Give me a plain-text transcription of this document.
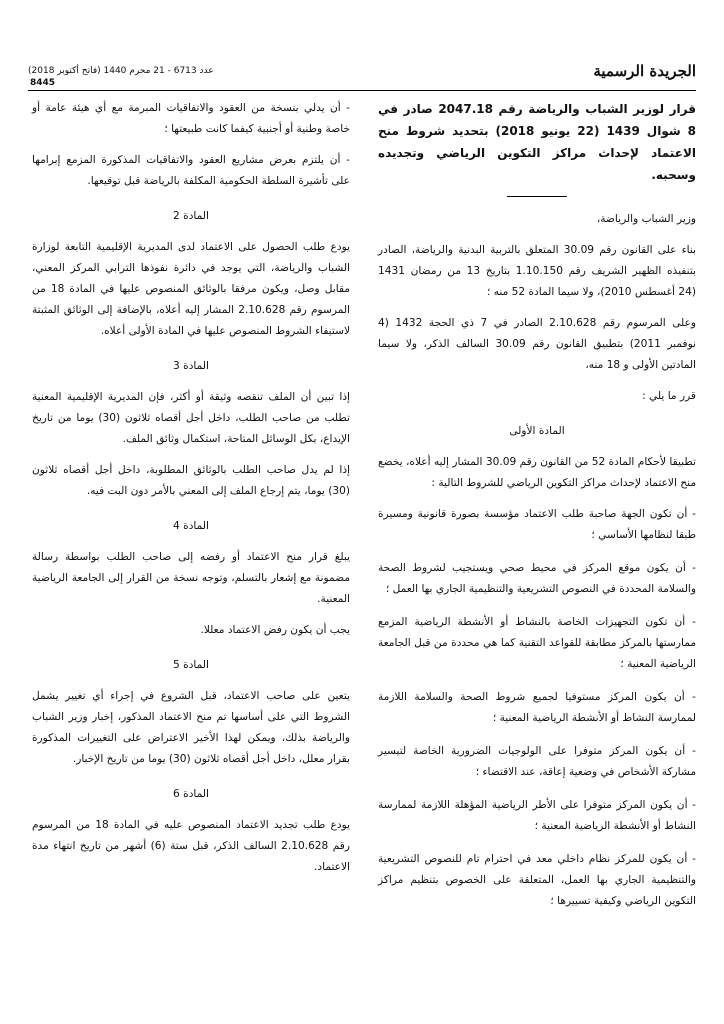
الجريدة الرسمية
عدد 6713 - 21 محرم 1440 (فاتح أكتوبر 2018)
8445

قرار لوزير الشباب والرياضة رقم 2047.18 صادر في 8 شوال 1439 (22 يونيو 2018) بتحديد شروط منح الاعتماد لإحداث مراكز التكوين الرياضي وتجديده وسحبه.

وزير الشباب والرياضة،

بناء على القانون رقم 30.09 المتعلق بالتربية البدنية والرياضة، الصادر بتنفيذه الظهير الشريف رقم 1.10.150 بتاريخ 13 من رمضان 1431 (24 أغسطس 2010)، ولا سيما المادة 52 منه ؛

وعلى المرسوم رقم 2.10.628 الصادر في 7 ذي الحجة 1432 (4 نوفمبر 2011) بتطبيق القانون رقم 30.09 السالف الذكر، ولا سيما المادتين الأولى و 18 منه،

قرر ما يلي :

المادة الأولى

تطبيقا لأحكام المادة 52 من القانون رقم 30.09 المشار إليه أعلاه، يخضع منح الاعتماد لإحداث مراكز التكوين الرياضي للشروط التالية :

- أن تكون الجهة صاحبة طلب الاعتماد مؤسسة بصورة قانونية ومسيرة طبقا لنظامها الأساسي ؛

- أن يكون موقع المركز في محيط صحي ويستجيب لشروط الصحة والسلامة المحددة في النصوص التشريعية والتنظيمية الجاري بها العمل ؛

- أن تكون التجهيزات الخاصة بالنشاط أو الأنشطة الرياضية المزمع ممارستها بالمركز مطابقة للقواعد التقنية كما هي محددة من قبل الجامعة الرياضية المعنية ؛

- أن يكون المركز مستوفيا لجميع شروط الصحة والسلامة اللازمة لممارسة النشاط أو الأنشطة الرياضية المعنية ؛

- أن يكون المركز متوفرا على الولوجيات الضرورية الخاصة لتيسير مشاركة الأشخاص في وضعية إعاقة، عند الاقتضاء ؛

- أن يكون المركز متوفرا على الأطر الرياضية المؤهلة اللازمة لممارسة النشاط أو الأنشطة الرياضية المعنية ؛

- أن يكون للمركز نظام داخلي معد في احترام تام للنصوص التشريعية والتنظيمية الجاري بها العمل، المتعلقة على الخصوص بتنظيم مراكز التكوين الرياضي وكيفية تسييرها ؛

- أن يدلي بنسخة من العقود والاتفاقيات المبرمة مع أي هيئة عامة أو خاصة وطنية أو أجنبية كيفما كانت طبيعتها ؛

- أن يلتزم بعرض مشاريع العقود والاتفاقيات المذكورة المزمع إبرامها على تأشيرة السلطة الحكومية المكلفة بالرياضة قبل توقيعها.

المادة 2

يودع طلب الحصول على الاعتماد لدى المديرية الإقليمية التابعة لوزارة الشباب والرياضة، التي يوجد في دائرة نفوذها الترابي المركز المعني، مقابل وصل، ويكون مرفقا بالوثائق المنصوص عليها في المادة 18 من المرسوم رقم 2.10.628 المشار إليه أعلاه، بالإضافة إلى الوثائق المثبتة لاستيفاء الشروط المنصوص عليها في المادة الأولى أعلاه.

المادة 3

إذا تبين أن الملف تنقصه وثيقة أو أكثر، فإن المديرية الإقليمية المعنية تطلب من صاحب الطلب، داخل أجل أقصاه ثلاثون (30) يوما من تاريخ الإيداع، بكل الوسائل المتاحة، استكمال وثائق الملف.

إذا لم يدل صاحب الطلب بالوثائق المطلوبة، داخل أجل أقصاه ثلاثون (30) يوما، يتم إرجاع الملف إلى المعني بالأمر دون البت فيه.

المادة 4

يبلغ قرار منح الاعتماد أو رفضه إلى صاحب الطلب بواسطة رسالة مضمونة مع إشعار بالتسلم، وتوجه نسخة من القرار إلى الجامعة الرياضية المعنية.

يجب أن يكون رفض الاعتماد معللا.

المادة 5

يتعين على صاحب الاعتماد، قبل الشروع في إجراء أي تغيير يشمل الشروط التي على أساسها تم منح الاعتماد المذكور، إخبار وزير الشباب والرياضة بذلك، ويمكن لهذا الأخير الاعتراض على التغييرات المذكورة بقرار معلل، داخل أجل أقصاه ثلاثون (30) يوما من تاريخ الإخبار.

المادة 6

يودع طلب تجديد الاعتماد المنصوص عليه في المادة 18 من المرسوم رقم 2.10.628 السالف الذكر، قبل ستة (6) أشهر من تاريخ انتهاء مدة الاعتماد.
